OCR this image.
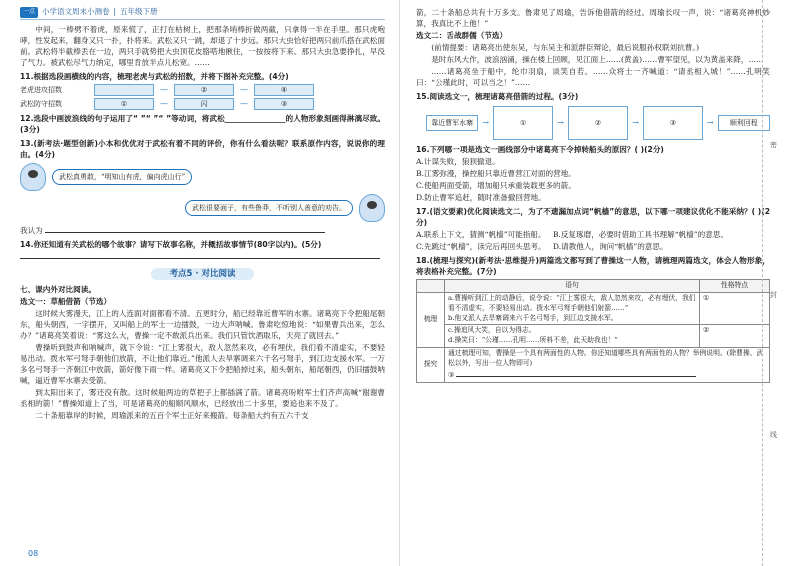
一点 小学语文周末小测卷 | 五年级下册

中间，一棒劈不着虎，原来慌了，正打在枯树上，把那条哨棒折做两截，只拿得一半在手里。那只虎咆哮，性发起来，翻身又只一扑，扑将来。武松又只一跳，却退了十步远。那只大虫恰好把两只前爪搭在武松面前。武松将半截棒丢在一边，两只手就势把大虫顶花皮胳嗒地揪住，一按按将下来。那只大虫急要挣扎，早没了气力。被武松尽气力纳定，哪里肯放半点儿松宽。……

11.根据选段画横线的内容，梳理老虎与武松的招数，并将下图补充完整。(4分)

老虎进攻招数	—	②	—	④
武松防守招数	①	—	闪	—	③

12.选段中画波浪线的句子运用了“ ”“ ”“ ”等动词，将武松________________的人物形象刻画得淋漓尽致。(3分)

13.(新考法·题型创新)小本和优优对于武松有着不同的评价，你有什么看法呢？联系原作内容，说说你的理由。(4分)

武松真勇敢，“明知山有虎，偏向虎山行”
武松很要面子，有些鲁莽，不听别人善意的劝告。

我认为

14.你还知道有关武松的哪个故事？请写下故事名称，并概括故事情节(80字以内)。(5分)

考点5 · 对比阅读

七、课内外对比阅读。

选文一：草船借箭（节选）

这时候大雾漫天，江上的人连面对面都看不清。五更时分，船已经靠近曹军的水寨。诸葛亮下令把船尾朝东，船头朝西，一字摆开，又叫船上的军士一边擂鼓，一边大声呐喊。鲁肃吃惊地说：“如果曹兵出来，怎么办？”诸葛亮笑着说：“雾这么大，曹操一定不敢派兵出来。我们只管饮酒取乐，天亮了就回去。”

曹操听到鼓声和呐喊声，就下令说：“江上雾很大，敌人忽然来攻，必有埋伏，我们看不清虚实，不要轻易出动。拨水军弓弩手朝他们放箭，不让他们靠近。”他派人去旱寨调来六千名弓弩手，到江边支援水军。一万多名弓弩手一齐朝江中放箭，箭好像下雨一样。诸葛亮又下令把船掉过来，船头朝东，船尾朝西，仍旧擂鼓呐喊，逼近曹军水寨去受箭。

到太阳出来了，雾还没有散。这时候船两边的草把子上都插满了箭。诸葛亮吩咐军士们齐声高喊“谢谢曹丞相的箭！”曹操知道上了当，可是诸葛亮的船顺风顺水，已经放出二十多里，要追也来不及了。

二十条船靠岸的时候，周瑜派来的五百个军士正好来搬箭。每条船大约有五六千支

08

箭，二十条船总共有十万多支。鲁肃见了周瑜，告诉他借箭的经过。周瑜长叹一声，说：“诸葛亮神机妙算，我真比不上他！”

选文二：舌战群儒（节选）

(前情提要：诸葛亮出使东吴，与东吴主和派群臣辩论，最后说服孙权联刘抗曹。)

是时东风大作，波浪汹涌，操在楼上回顾，见江面上……(黄盖)……曹军望见，以为黄盖来降，……

……诸葛亮坐于船中，纶巾羽扇，谈笑自若。……众将士一齐喊道：“请丞相入城！”……孔明笑曰：“公瑾此时，可以当之！”……

15.阅读选文一，梳理诸葛亮借箭的过程。(3分)

靠近曹军水寨	→	①	→	②	→	③	→	顺利回程

16.下列哪一项是选文一画线部分中诸葛亮下令掉转船头的原因？( )(2分)

A.计谋失败，狼狈撤退。

B.江雾弥漫，操控船只靠近曹营江对面的营地。

C.使船两面受箭，增加船只承重装载更多的箭。

D.防止曹军追赶，随时准备撤回营地。

17.(语文要素)优化阅读选文二，为了不遗漏加点词“帆樯”的意思，以下哪一项建议优化不能采纳？( )(2分)

A.联系上下文，猜测“帆樯”可能指船。 B.反复琢磨，必要时借助工具书理解“帆樯”的意思。

C.先跳过“帆樯”，读完后再回头思考。 D.请教他人，询问“帆樯”的意思。

18.(梳理与探究)(新考法·思维提升)两篇选文都写到了曹操这一人物，请梳理两篇选文，体会人物形象，将表格补充完整。(7分)

	语句	性格特点
梳理	a.曹操听到江上的动静后，说令说：“江上雾很大，敌人忽然来攻，必有埋伏，我们看不清虚实，不要轻易出动。拨水军弓弩手朝他们射箭……”
b.他又派人去旱寨调来六千名弓弩手，到江边支援水军。	①
	c.操追风大笑，自以为得志。
d.操笑曰：“公瑾……孔明……所料不差，此天助我也！”	②
探究	通过梳理可知，曹操是一个具有两面性的人物。你还知道哪些具有两面性的人物？举例说明。(除曹操、武松以外，写出一位人物即可)
③	
密
封
线
